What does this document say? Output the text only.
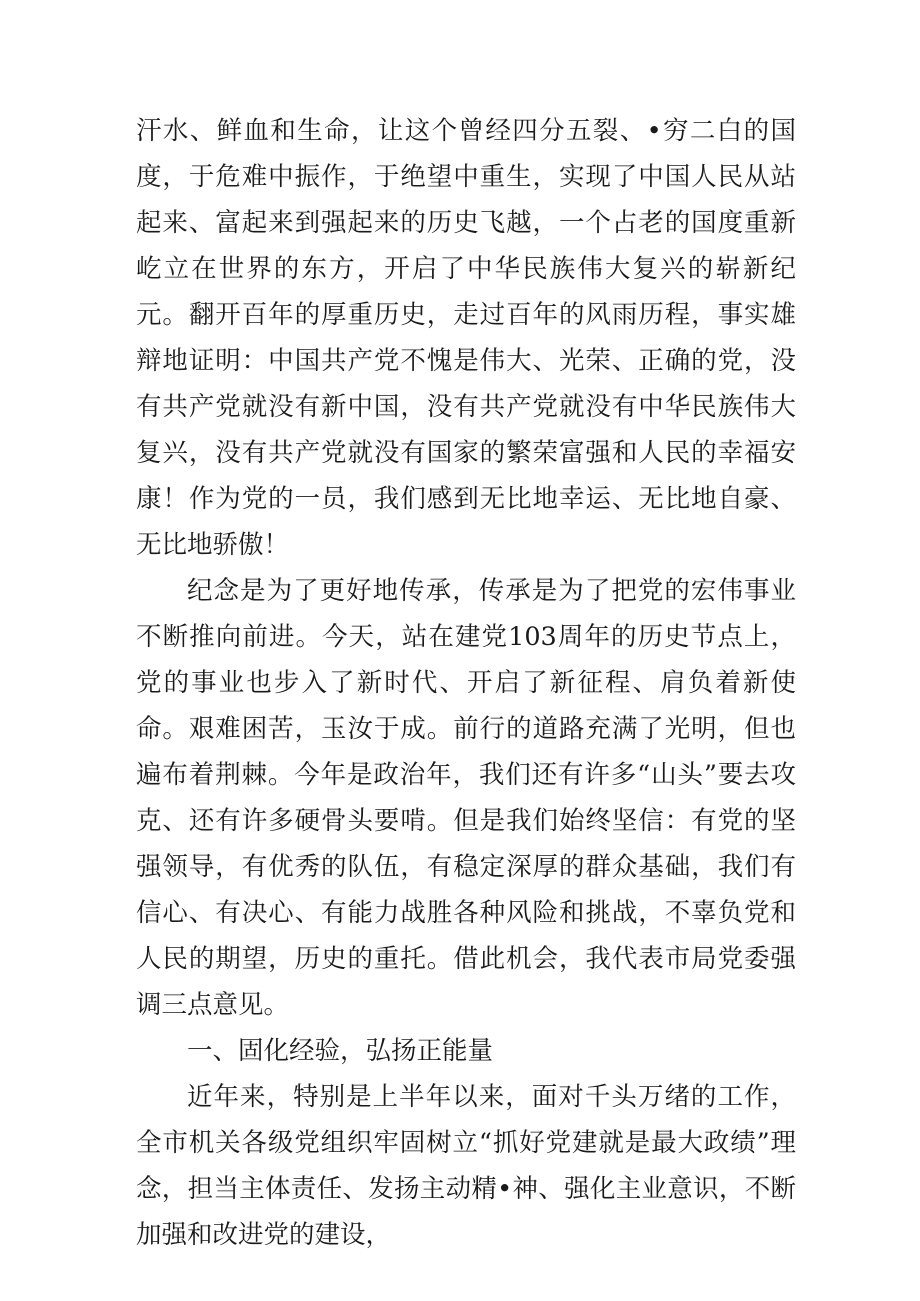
汗水、鲜血和生命，让这个曾经四分五裂、•穷二白的国度，于危难中振作，于绝望中重生，实现了中国人民从站起来、富起来到强起来的历史飞越，一个占老的国度重新屹立在世界的东方，开启了中华民族伟大复兴的崭新纪元。翻开百年的厚重历史，走过百年的风雨历程，事实雄辩地证明：中国共产党不愧是伟大、光荣、正确的党，没有共产党就没有新中国，没有共产党就没有中华民族伟大复兴，没有共产党就没有国家的繁荣富强和人民的幸福安康！作为党的一员，我们感到无比地幸运、无比地自豪、无比地骄傲！

纪念是为了更好地传承，传承是为了把党的宏伟事业不断推向前进。今天，站在建党103周年的历史节点上，党的事业也步入了新时代、开启了新征程、肩负着新使命。艰难困苦，玉汝于成。前行的道路充满了光明，但也遍布着荆棘。今年是政治年，我们还有许多“山头”要去攻克、还有许多硬骨头要啃。但是我们始终坚信：有党的坚强领导，有优秀的队伍，有稳定深厚的群众基础，我们有信心、有决心、有能力战胜各种风险和挑战，不辜负党和人民的期望，历史的重托。借此机会，我代表市局党委强调三点意见。

一、固化经验，弘扬正能量

近年来，特别是上半年以来，面对千头万绪的工作，全市机关各级党组织牢固树立“抓好党建就是最大政绩”理念，担当主体责任、发扬主动精•神、强化主业意识，不断加强和改进党的建设，
